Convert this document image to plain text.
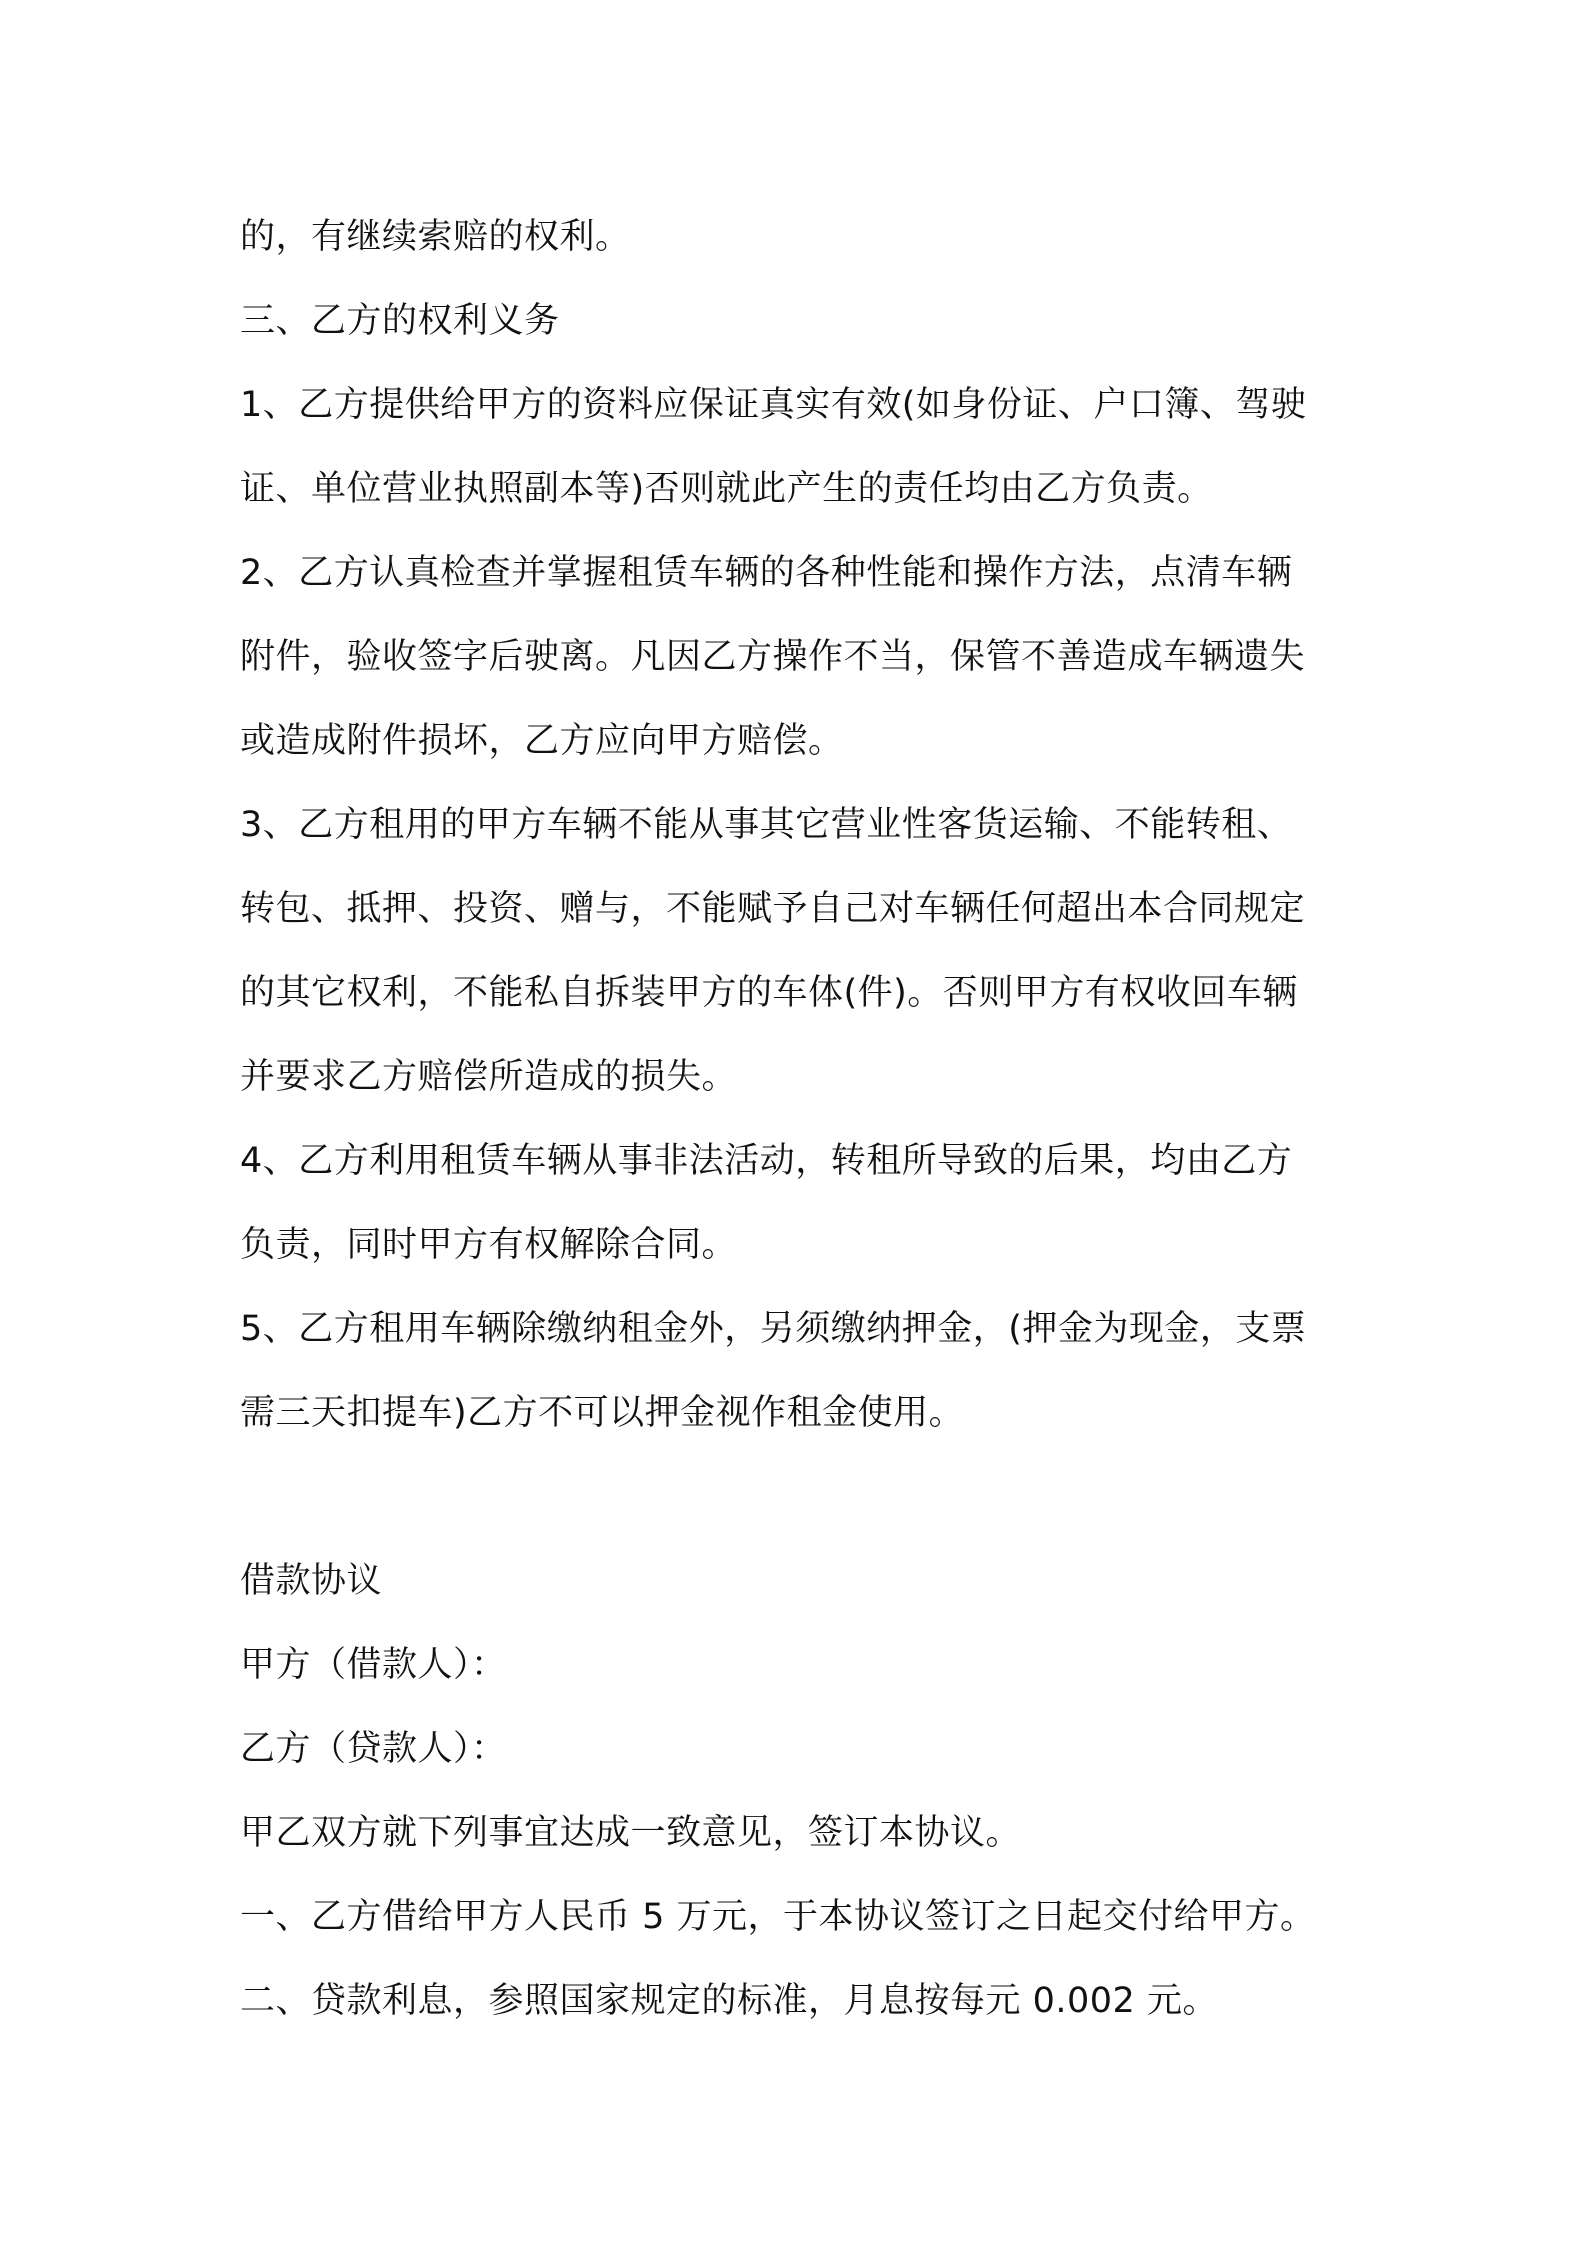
的，有继续索赔的权利。
三、乙方的权利义务
1、乙方提供给甲方的资料应保证真实有效(如身份证、户口簿、驾驶
证、单位营业执照副本等)否则就此产生的责任均由乙方负责。
2、乙方认真检查并掌握租赁车辆的各种性能和操作方法，点清车辆
附件，验收签字后驶离。凡因乙方操作不当，保管不善造成车辆遗失
或造成附件损坏，乙方应向甲方赔偿。
3、乙方租用的甲方车辆不能从事其它营业性客货运输、不能转租、
转包、抵押、投资、赠与，不能赋予自己对车辆任何超出本合同规定
的其它权利，不能私自拆装甲方的车体(件)。否则甲方有权收回车辆
并要求乙方赔偿所造成的损失。
4、乙方利用租赁车辆从事非法活动，转租所导致的后果，均由乙方
负责，同时甲方有权解除合同。
5、乙方租用车辆除缴纳租金外，另须缴纳押金，(押金为现金，支票
需三天扣提车)乙方不可以押金视作租金使用。
借款协议
甲方（借款人）：
乙方（贷款人）：
甲乙双方就下列事宜达成一致意见，签订本协议。
一、乙方借给甲方人民币 5 万元，于本协议签订之日起交付给甲方。
二、贷款利息，参照国家规定的标准，月息按每元 0.002 元。
